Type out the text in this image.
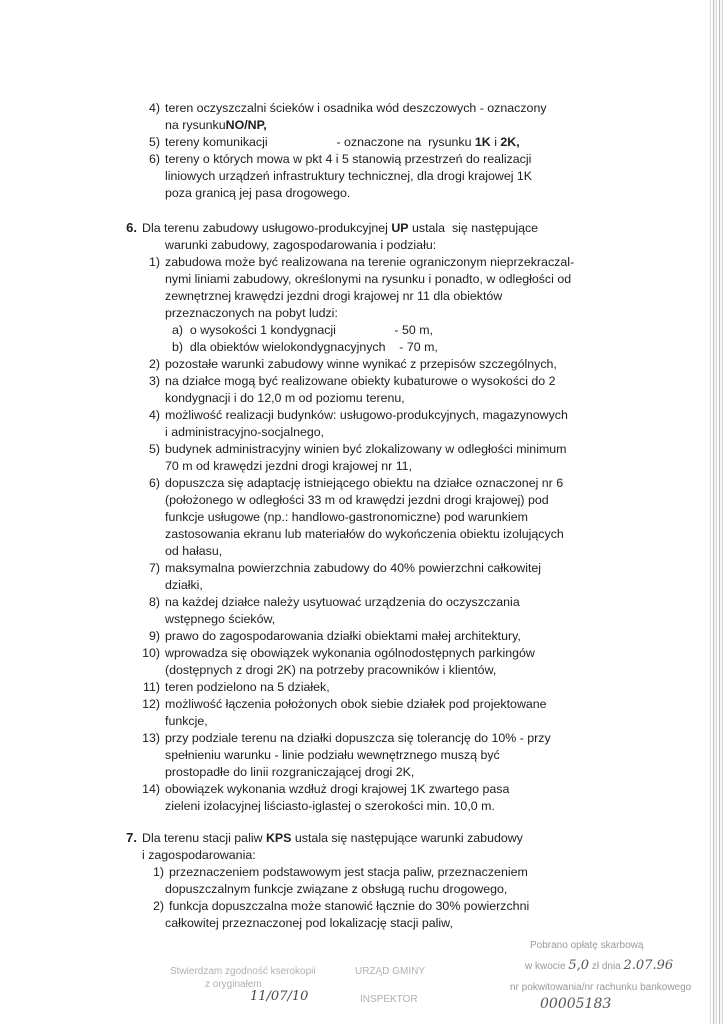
4) teren oczyszczalni ścieków i osadnika wód deszczowych - oznaczony
na rysunku NO/NP,
5) tereny komunikacji                    - oznaczone na  rysunku 1K i 2K,
6) tereny o których mowa w pkt 4 i 5 stanowią przestrzeń do realizacji
liniowych urządzeń infrastruktury technicznej, dla drogi krajowej 1K
poza granicą jej pasa drogowego.
6. Dla terenu zabudowy usługowo-produkcyjnej UP ustala  się następujące
warunki zabudowy, zagospodarowania i podziału:
1) zabudowa może być realizowana na terenie ograniczonym nieprzekraczal-
nymi liniami zabudowy, określonymi na rysunku i ponadto, w odległości od
zewnętrznej krawędzi jezdni drogi krajowej nr 11 dla obiektów
przeznaczonych na pobyt ludzi:
a)  o wysokości 1 kondygnacji                 - 50 m,
b)  dla obiektów wielokondygnacyjnych    - 70 m,
2) pozostałe warunki zabudowy winne wynikać z przepisów szczególnych,
3) na działce mogą być realizowane obiekty kubaturowe o wysokości do 2
kondygnacji i do 12,0 m od poziomu terenu,
4) możliwość realizacji budynków: usługowo-produkcyjnych, magazynowych
i administracyjno-socjalnego,
5) budynek administracyjny winien być zlokalizowany w odległości minimum
70 m od krawędzi jezdni drogi krajowej nr 11,
6) dopuszcza się adaptację istniejącego obiektu na działce oznaczonej nr 6
(położonego w odległości 33 m od krawędzi jezdni drogi krajowej) pod
funkcje usługowe (np.: handlowo-gastronomiczne) pod warunkiem
zastosowania ekranu lub materiałów do wykończenia obiektu izolujących
od hałasu,
7) maksymalna powierzchnia zabudowy do 40% powierzchni całkowitej
działki,
8) na każdej działce należy usytuować urządzenia do oczyszczania
wstępnego ścieków,
9) prawo do zagospodarowania działki obiektami małej architektury,
10) wprowadza się obowiązek wykonania ogólnodostępnych parkingów
(dostępnych z drogi 2K) na potrzeby pracowników i klientów,
11) teren podzielono na 5 działek,
12) możliwość łączenia położonych obok siebie działek pod projektowane
funkcje,
13) przy podziale terenu na działki dopuszcza się tolerancję do 10% - przy
spełnieniu warunku - linie podziału wewnętrznego muszą być
prostopadłe do linii rozgraniczającej drogi 2K,
14) obowiązek wykonania wzdłuż drogi krajowej 1K zwartego pasa
zieleni izolacyjnej liściasto-iglastej o szerokości min. 10,0 m.
7. Dla terenu stacji paliw KPS ustala się następujące warunki zabudowy
i zagospodarowania:
1) przeznaczeniem podstawowym jest stacja paliw, przeznaczeniem
dopuszczalnym funkcje związane z obsługą ruchu drogowego,
2) funkcja dopuszczalna może stanowić łącznie do 30% powierzchni
całkowitej przeznaczonej pod lokalizację stacji paliw,
Stwierdzam zgodność kserokopii
z oryginałem
11/07/10
URZĄD GMINY
INSPEKTOR
Pobrano opłatę skarbową
w kwocie 5,0 zł dnia 2.07.96
nr pokwitowania/nr rachunku bankowego
00005183
